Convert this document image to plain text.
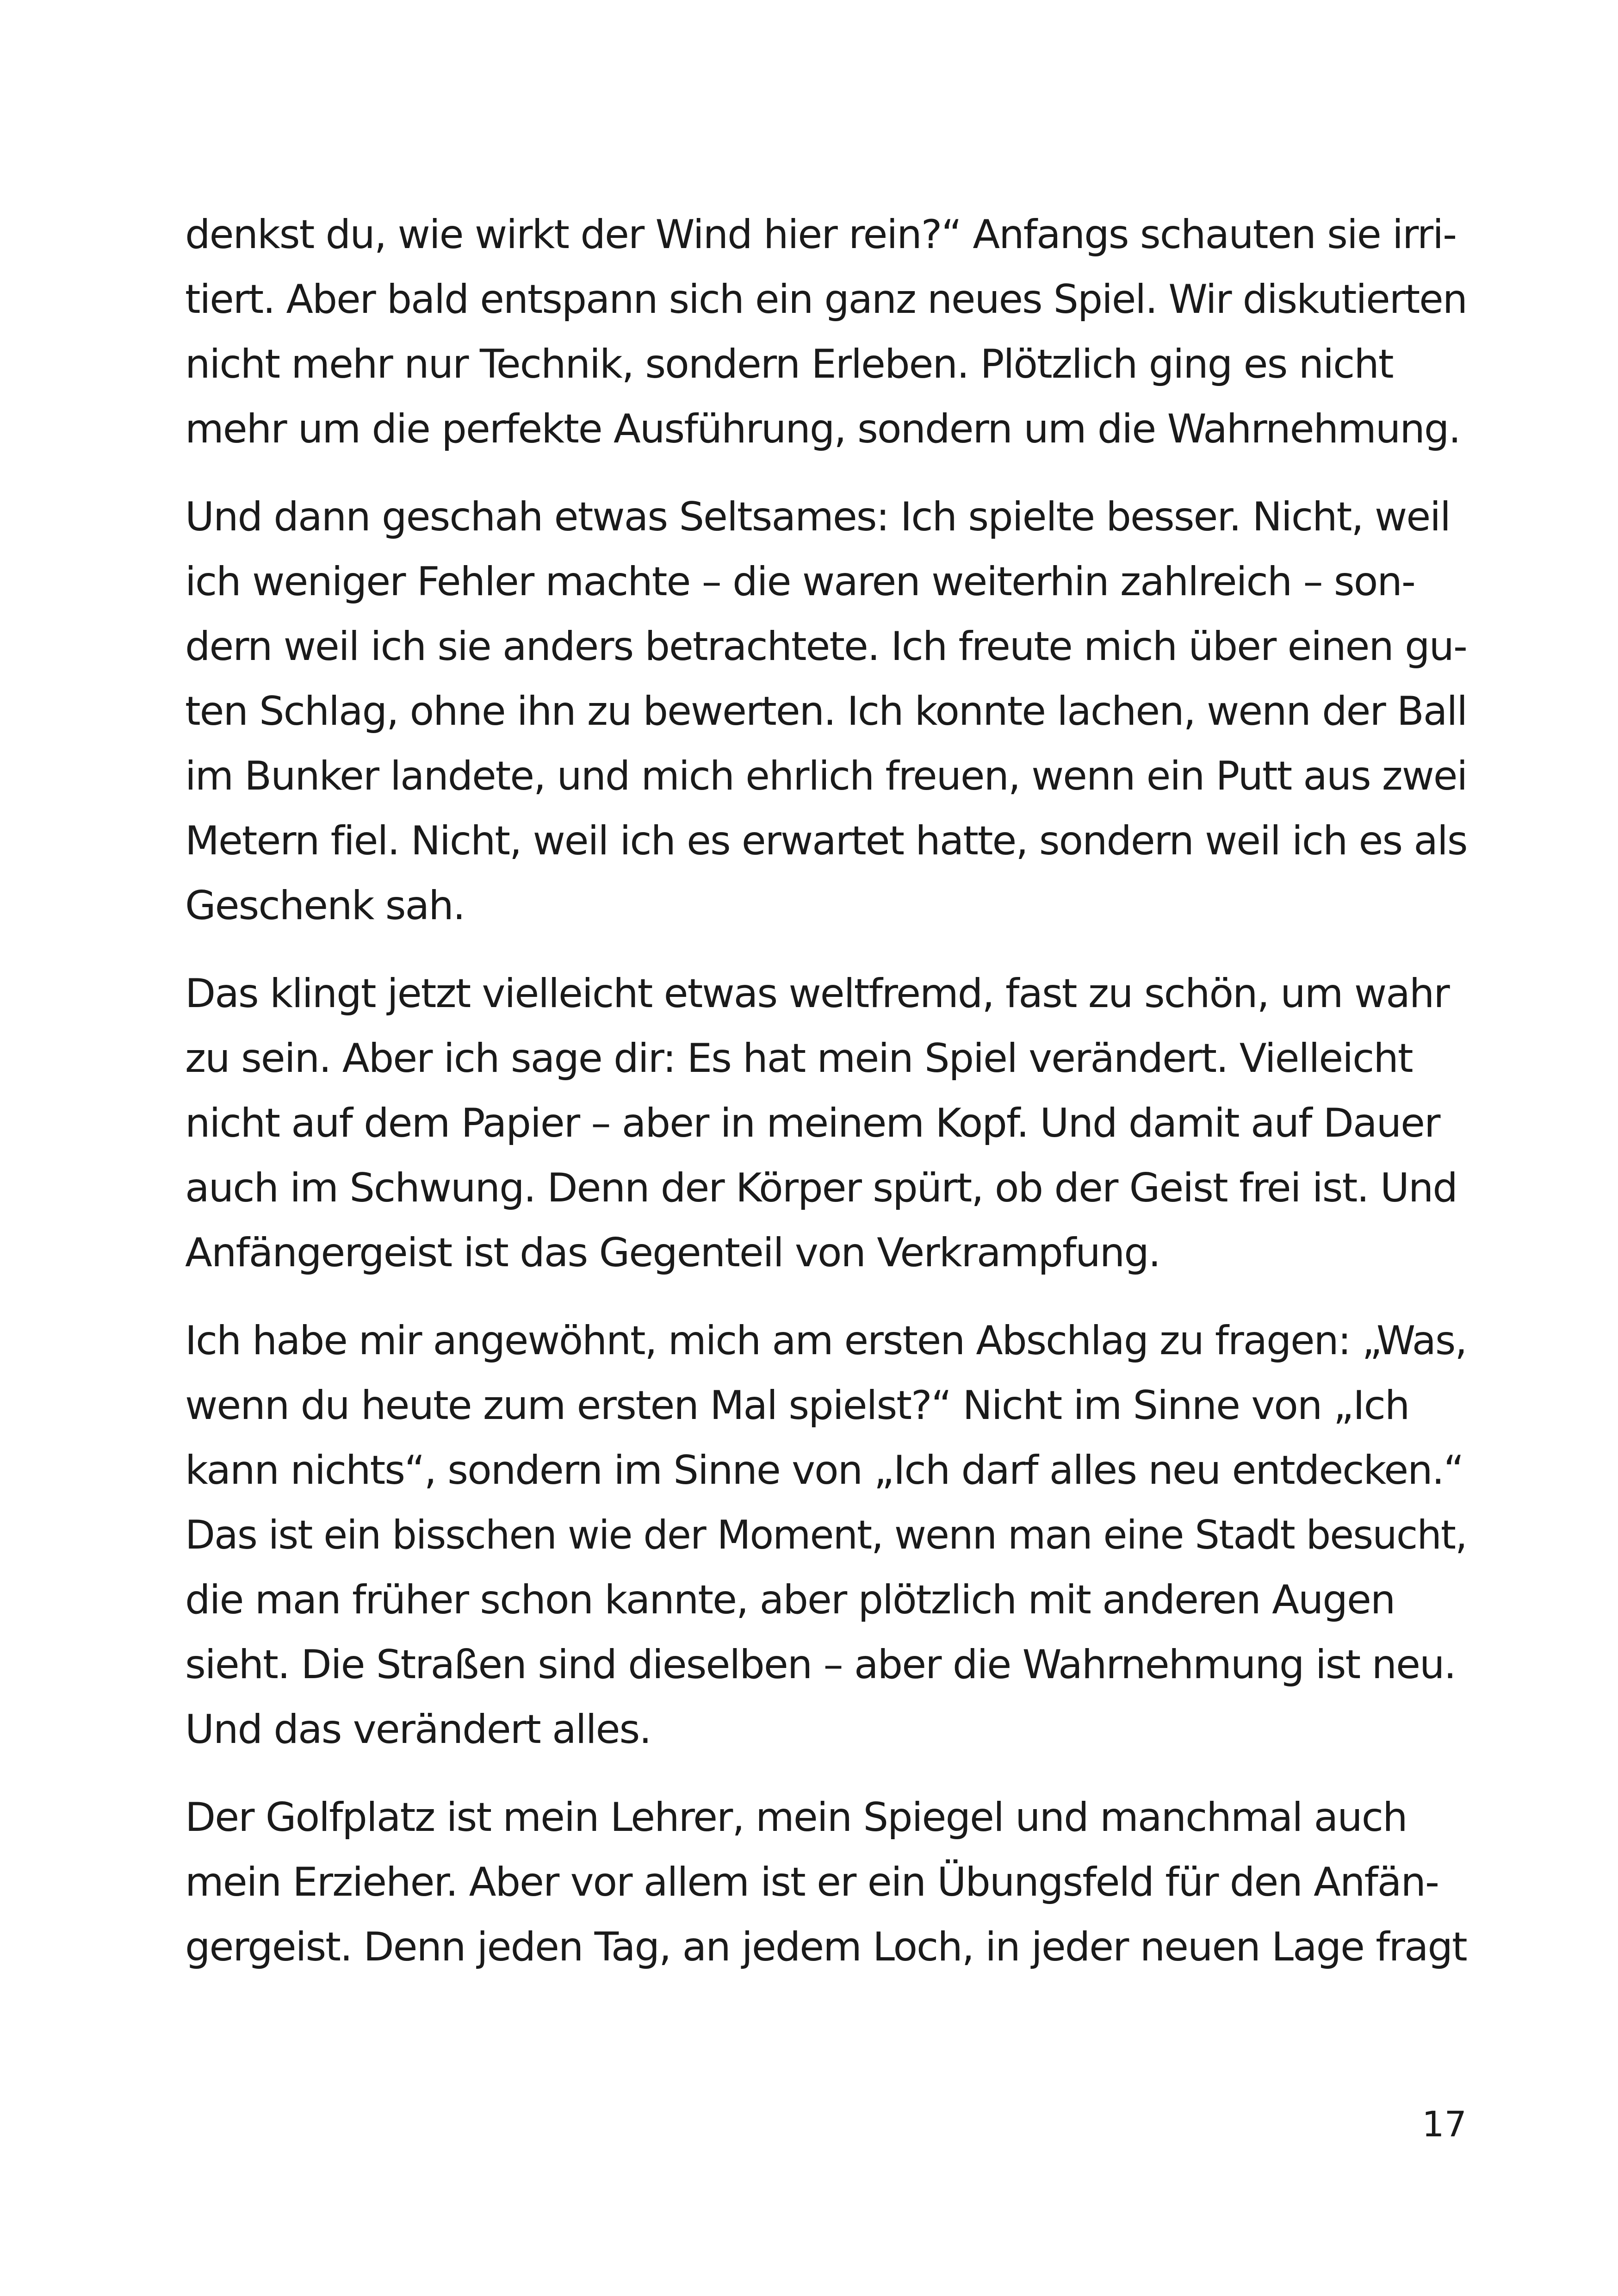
denkst du, wie wirkt der Wind hier rein?“ Anfangs schauten sie irri-
tiert. Aber bald entspann sich ein ganz neues Spiel. Wir diskutierten
nicht mehr nur Technik, sondern Erleben. Plötzlich ging es nicht
mehr um die perfekte Ausführung, sondern um die Wahrnehmung.

Und dann geschah etwas Seltsames: Ich spielte besser. Nicht, weil
ich weniger Fehler machte – die waren weiterhin zahlreich – son-
dern weil ich sie anders betrachtete. Ich freute mich über einen gu-
ten Schlag, ohne ihn zu bewerten. Ich konnte lachen, wenn der Ball
im Bunker landete, und mich ehrlich freuen, wenn ein Putt aus zwei
Metern fiel. Nicht, weil ich es erwartet hatte, sondern weil ich es als
Geschenk sah.

Das klingt jetzt vielleicht etwas weltfremd, fast zu schön, um wahr
zu sein. Aber ich sage dir: Es hat mein Spiel verändert. Vielleicht
nicht auf dem Papier – aber in meinem Kopf. Und damit auf Dauer
auch im Schwung. Denn der Körper spürt, ob der Geist frei ist. Und
Anfängergeist ist das Gegenteil von Verkrampfung.

Ich habe mir angewöhnt, mich am ersten Abschlag zu fragen: „Was,
wenn du heute zum ersten Mal spielst?“ Nicht im Sinne von „Ich
kann nichts“, sondern im Sinne von „Ich darf alles neu entdecken.“
Das ist ein bisschen wie der Moment, wenn man eine Stadt besucht,
die man früher schon kannte, aber plötzlich mit anderen Augen
sieht. Die Straßen sind dieselben – aber die Wahrnehmung ist neu.
Und das verändert alles.

Der Golfplatz ist mein Lehrer, mein Spiegel und manchmal auch
mein Erzieher. Aber vor allem ist er ein Übungsfeld für den Anfän-
gergeist. Denn jeden Tag, an jedem Loch, in jeder neuen Lage fragt

17
